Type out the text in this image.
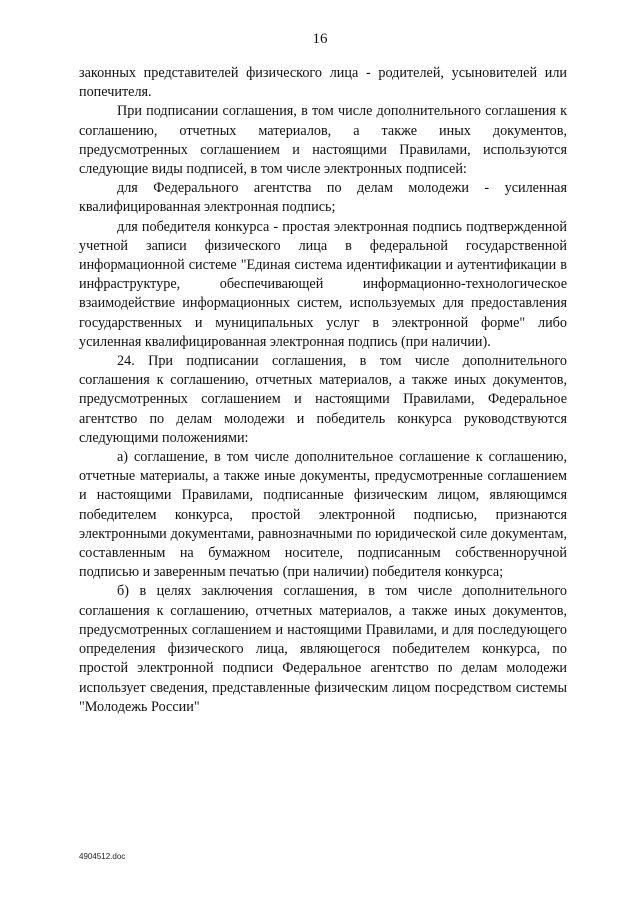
16

законных представителей физического лица - родителей, усыновителей или попечителя.

При подписании соглашения, в том числе дополнительного соглашения к соглашению, отчетных материалов, а также иных документов, предусмотренных соглашением и настоящими Правилами, используются следующие виды подписей, в том числе электронных подписей:

для Федерального агентства по делам молодежи - усиленная квалифицированная электронная подпись;

для победителя конкурса - простая электронная подпись подтвержденной учетной записи физического лица в федеральной государственной информационной системе "Единая система идентификации и аутентификации в инфраструктуре, обеспечивающей информационно-технологическое взаимодействие информационных систем, используемых для предоставления государственных и муниципальных услуг в электронной форме" либо усиленная квалифицированная электронная подпись (при наличии).

24. При подписании соглашения, в том числе дополнительного соглашения к соглашению, отчетных материалов, а также иных документов, предусмотренных соглашением и настоящими Правилами, Федеральное агентство по делам молодежи и победитель конкурса руководствуются следующими положениями:

а) соглашение, в том числе дополнительное соглашение к соглашению, отчетные материалы, а также иные документы, предусмотренные соглашением и настоящими Правилами, подписанные физическим лицом, являющимся победителем конкурса, простой электронной подписью, признаются электронными документами, равнозначными по юридической силе документам, составленным на бумажном носителе, подписанным собственноручной подписью и заверенным печатью (при наличии) победителя конкурса;

б) в целях заключения соглашения, в том числе дополнительного соглашения к соглашению, отчетных материалов, а также иных документов, предусмотренных соглашением и настоящими Правилами, и для последующего определения физического лица, являющегося победителем конкурса, по простой электронной подписи Федеральное агентство по делам молодежи использует сведения, представленные физическим лицом посредством системы "Молодежь России"

4904512.doc
